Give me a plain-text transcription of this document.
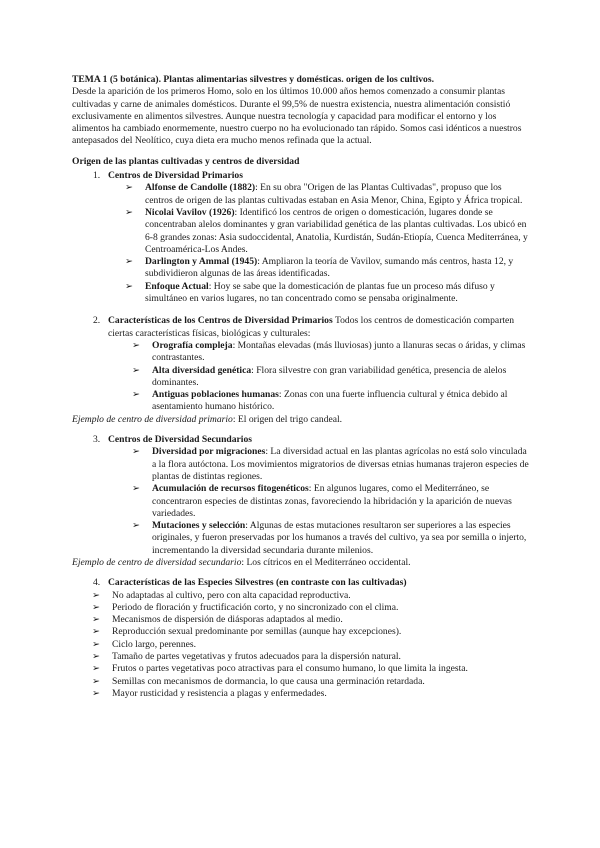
TEMA 1 (5 botánica). Plantas alimentarias silvestres y domésticas. origen de los cultivos.

Desde la aparición de los primeros Homo, solo en los últimos 10.000 años hemos comenzado a consumir plantas cultivadas y carne de animales domésticos. Durante el 99,5% de nuestra existencia, nuestra alimentación consistió exclusivamente en alimentos silvestres. Aunque nuestra tecnología y capacidad para modificar el entorno y los alimentos ha cambiado enormemente, nuestro cuerpo no ha evolucionado tan rápido. Somos casi idénticos a nuestros antepasados del Neolítico, cuya dieta era mucho menos refinada que la actual.

Origen de las plantas cultivadas y centros de diversidad

1. Centros de Diversidad Primarios
➢	Alfonse de Candolle (1882): En su obra "Origen de las Plantas Cultivadas", propuso que los centros de origen de las plantas cultivadas estaban en Asia Menor, China, Egipto y África tropical.
➢	Nicolai Vavilov (1926): Identificó los centros de origen o domesticación, lugares donde se concentraban alelos dominantes y gran variabilidad genética de las plantas cultivadas. Los ubicó en 6-8 grandes zonas: Asia sudoccidental, Anatolia, Kurdistán, Sudán-Etiopía, Cuenca Mediterránea, y Centroamérica-Los Andes.
➢	Darlington y Ammal (1945): Ampliaron la teoría de Vavilov, sumando más centros, hasta 12, y subdividieron algunas de las áreas identificadas.
➢	Enfoque Actual: Hoy se sabe que la domesticación de plantas fue un proceso más difuso y simultáneo en varios lugares, no tan concentrado como se pensaba originalmente.
2. Características de los Centros de Diversidad Primarios Todos los centros de domesticación comparten ciertas características físicas, biológicas y culturales:
➢	Orografía compleja: Montañas elevadas (más lluviosas) junto a llanuras secas o áridas, y climas contrastantes.
➢	Alta diversidad genética: Flora silvestre con gran variabilidad genética, presencia de alelos dominantes.
➢	Antiguas poblaciones humanas: Zonas con una fuerte influencia cultural y étnica debido al asentamiento humano histórico.

Ejemplo de centro de diversidad primario: El origen del trigo candeal.

3. Centros de Diversidad Secundarios
➢	Diversidad por migraciones: La diversidad actual en las plantas agrícolas no está solo vinculada a la flora autóctona. Los movimientos migratorios de diversas etnias humanas trajeron especies de plantas de distintas regiones.
➢	Acumulación de recursos fitogenéticos: En algunos lugares, como el Mediterráneo, se concentraron especies de distintas zonas, favoreciendo la hibridación y la aparición de nuevas variedades.
➢	Mutaciones y selección: Algunas de estas mutaciones resultaron ser superiores a las especies originales, y fueron preservadas por los humanos a través del cultivo, ya sea por semilla o injerto, incrementando la diversidad secundaria durante milenios.

Ejemplo de centro de diversidad secundario: Los cítricos en el Mediterráneo occidental.

4. Características de las Especies Silvestres (en contraste con las cultivadas)
➢	No adaptadas al cultivo, pero con alta capacidad reproductiva.
➢	Periodo de floración y fructificación corto, y no sincronizado con el clima.
➢	Mecanismos de dispersión de diásporas adaptados al medio.
➢	Reproducción sexual predominante por semillas (aunque hay excepciones).
➢	Ciclo largo, perennes.
➢	Tamaño de partes vegetativas y frutos adecuados para la dispersión natural.
➢	Frutos o partes vegetativas poco atractivas para el consumo humano, lo que limita la ingesta.
➢	Semillas con mecanismos de dormancia, lo que causa una germinación retardada.
➢	Mayor rusticidad y resistencia a plagas y enfermedades.
